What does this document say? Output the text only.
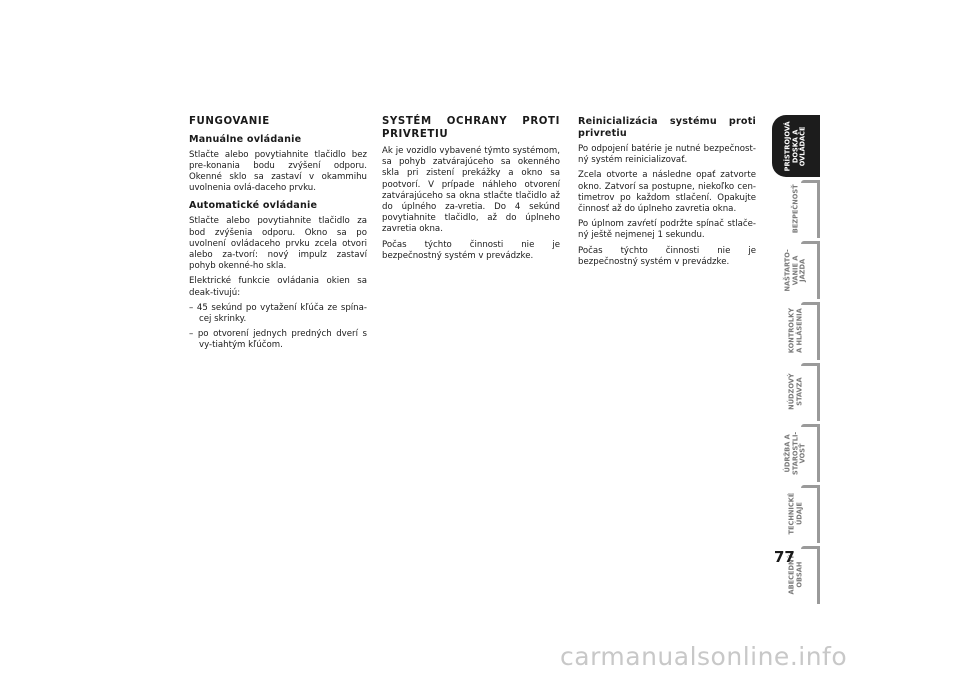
FUNGOVANIE

Manuálne ovládanie

Stlačte alebo povytiahnite tlačidlo bez pre-konania bodu zvýšení odporu. Okenné sklo sa zastaví v okammihu uvolnenia ovlá-daceho prvku.

Automatické ovládanie

Stlačte alebo povytiahnite tlačidlo za bod zvýšenia odporu. Okno sa po uvolnení ovládaceho prvku zcela otvori alebo za-tvorí: nový impulz zastaví pohyb okenné-ho skla.

Elektrické funkcie ovládania okien sa deak-tivujú:

– 45 sekúnd po vytažení kľúča ze spína-cej skrinky.

– po otvorení jednych predných dverí s vy-tiahtým kľúčom.

SYSTÉM OCHRANY PROTI PRIVRETIU

Ak je vozidlo vybavené týmto systémom, sa pohyb zatvárajúceho sa okenného skla pri zistení prekážky a okno sa pootvorí. V prípade náhleho otvorení zatvárajúceho sa okna stlačte tlačidlo až do úplného za-vretia. Do 4 sekúnd povytiahnite tlačidlo, až do úplneho zavretia okna.

Počas týchto činnosti nie je bezpečnostný systém v prevádzke.

Reinicializácia systému proti privretiu

Po odpojení batérie je nutné bezpečnost-ný systém reinicializovať.

Zcela otvorte a následne opať zatvorte okno. Zatvorí sa postupne, niekoľko cen-timetrov po každom stlačení. Opakujte činnosť až do úplneho zavretia okna.

Po úplnom zavŕetí podržte spínač stlače-ný ještě nejmenej 1 sekundu.

Počas týchto činnosti nie je bezpečnostný systém v prevádzke.

PRÍSTROJOVÁ
DOSKA A
OVLÁDAČE
BEZPEČNOSŤ
NAŠTARTO-
VANIE A
JAZDA
KONTROLKY
A HLÁSENIA
NÚDZOVÝ
STAVZA
ÚDRŽBA A
STAROSTLI-
VOSŤ
TECHNICKÉ
ÚDAJE
ABECEDNÝ
OBSAH
77
carmanualsonline.info
